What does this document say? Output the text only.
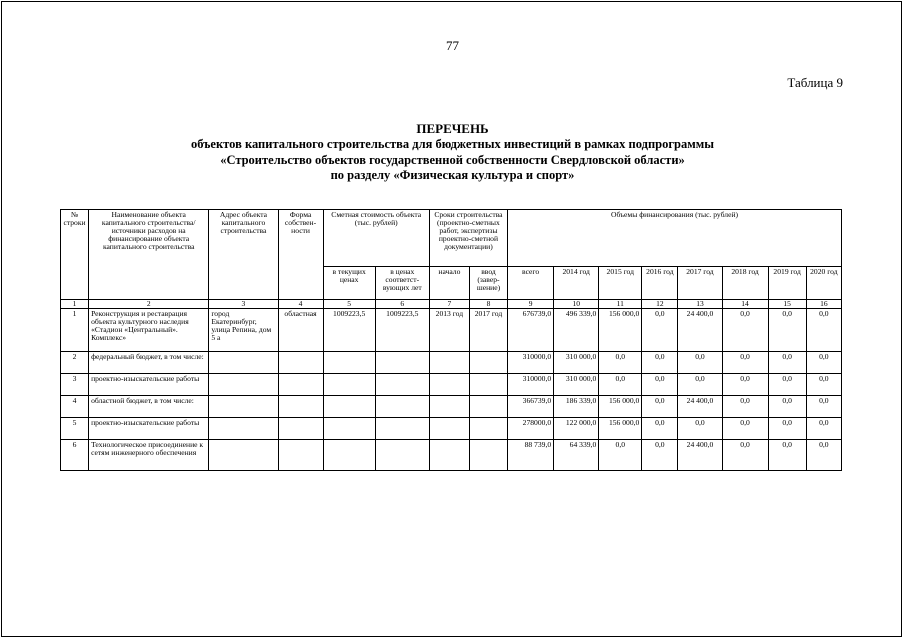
77
Таблица 9
ПЕРЕЧЕНЬ
объектов капитального строительства для бюджетных инвестиций в рамках подпрограммы
«Строительство объектов государственной собственности Свердловской области»
по разделу «Физическая культура и спорт»
№ строки	Наименование объекта капитального строительства/ источники расходов на финансирование объекта капитального строительства	Адрес объекта капитального строительства	Форма собствен-ности	Сметная стоимость объекта (тыс. рублей)		Сроки строительства (проектно-сметных работ, экспертизы проектно-сметной документации)		Объемы финансирования (тыс. рублей)							
				в текущих ценах	в ценах соответст-вующих лет	начало	ввод (завер-шение)	всего	2014 год	2015 год	2016 год	2017 год	2018 год	2019 год	2020 год
1	2	3	4	5	6	7	8	9	10	11	12	13	14	15	16
1	Реконструкция и реставрация объекта культурного наследия «Стадион «Центральный». Комплекс»	город Екатеринбург, улица Репина, дом 5 а	областная	1009223,5	1009223,5	2013 год	2017 год	676739,0	496 339,0	156 000,0	0,0	24 400,0	0,0	0,0	0,0
2	федеральный бюджет, в том числе:							310000,0	310 000,0	0,0	0,0	0,0	0,0	0,0	0,0
3	проектно-изыскательские работы							310000,0	310 000,0	0,0	0,0	0,0	0,0	0,0	0,0
4	областной бюджет, в том числе:							366739,0	186 339,0	156 000,0	0,0	24 400,0	0,0	0,0	0,0
5	проектно-изыскательские работы							278000,0	122 000,0	156 000,0	0,0	0,0	0,0	0,0	0,0
6	Технологическое присоединение к сетям инженерного обеспечения							88 739,0	64 339,0	0,0	0,0	24 400,0	0,0	0,0	0,0
